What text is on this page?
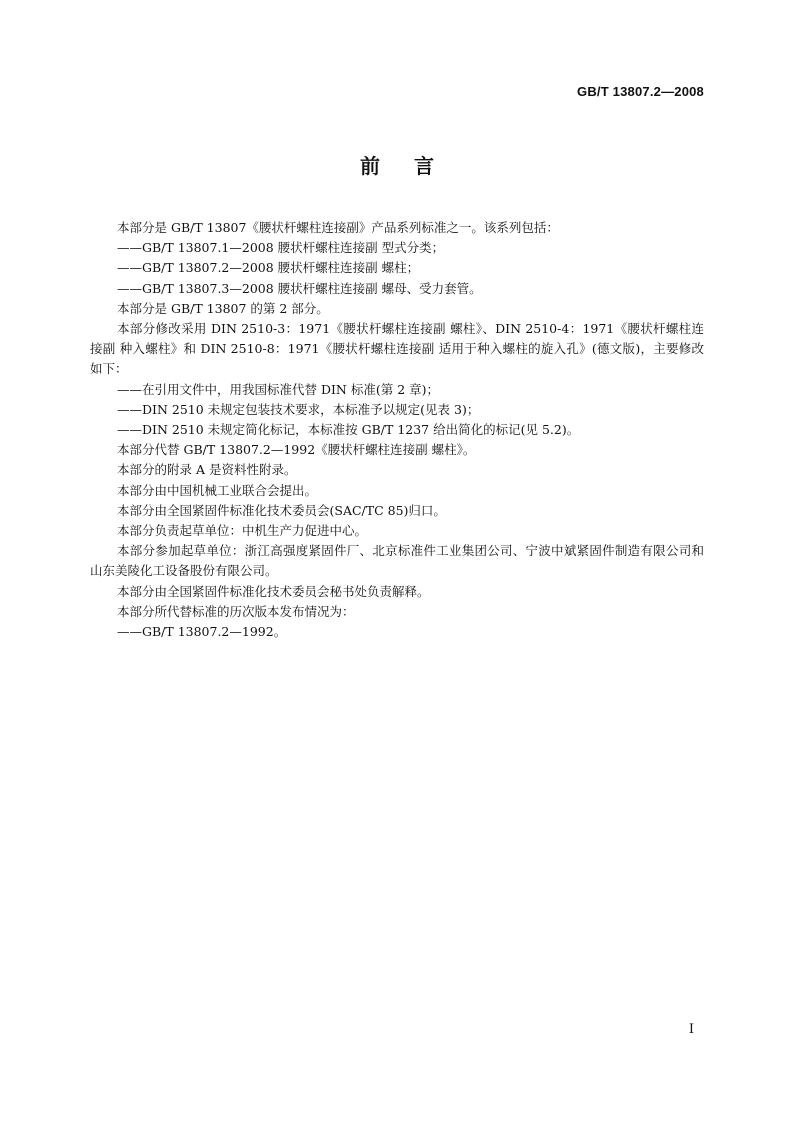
GB/T 13807.2—2008
前言

本部分是 GB/T 13807《腰状杆螺柱连接副》产品系列标准之一。该系列包括：

——GB/T 13807.1—2008 腰状杆螺柱连接副 型式分类；

——GB/T 13807.2—2008 腰状杆螺柱连接副 螺柱；

——GB/T 13807.3—2008 腰状杆螺柱连接副 螺母、受力套管。

本部分是 GB/T 13807 的第 2 部分。

本部分修改采用 DIN 2510-3：1971《腰状杆螺柱连接副 螺柱》、DIN 2510-4：1971《腰状杆螺柱连接副 种入螺柱》和 DIN 2510-8：1971《腰状杆螺柱连接副 适用于种入螺柱的旋入孔》(德文版)，主要修改如下：

——在引用文件中，用我国标准代替 DIN 标准(第 2 章)；

——DIN 2510 未规定包装技术要求，本标准予以规定(见表 3)；

——DIN 2510 未规定简化标记，本标准按 GB/T 1237 给出简化的标记(见 5.2)。

本部分代替 GB/T 13807.2—1992《腰状杆螺柱连接副 螺柱》。

本部分的附录 A 是资料性附录。

本部分由中国机械工业联合会提出。

本部分由全国紧固件标准化技术委员会(SAC/TC 85)归口。

本部分负责起草单位：中机生产力促进中心。

本部分参加起草单位：浙江高强度紧固件厂、北京标准件工业集团公司、宁波中斌紧固件制造有限公司和山东美陵化工设备股份有限公司。

本部分由全国紧固件标准化技术委员会秘书处负责解释。

本部分所代替标准的历次版本发布情况为：

——GB/T 13807.2—1992。

I
